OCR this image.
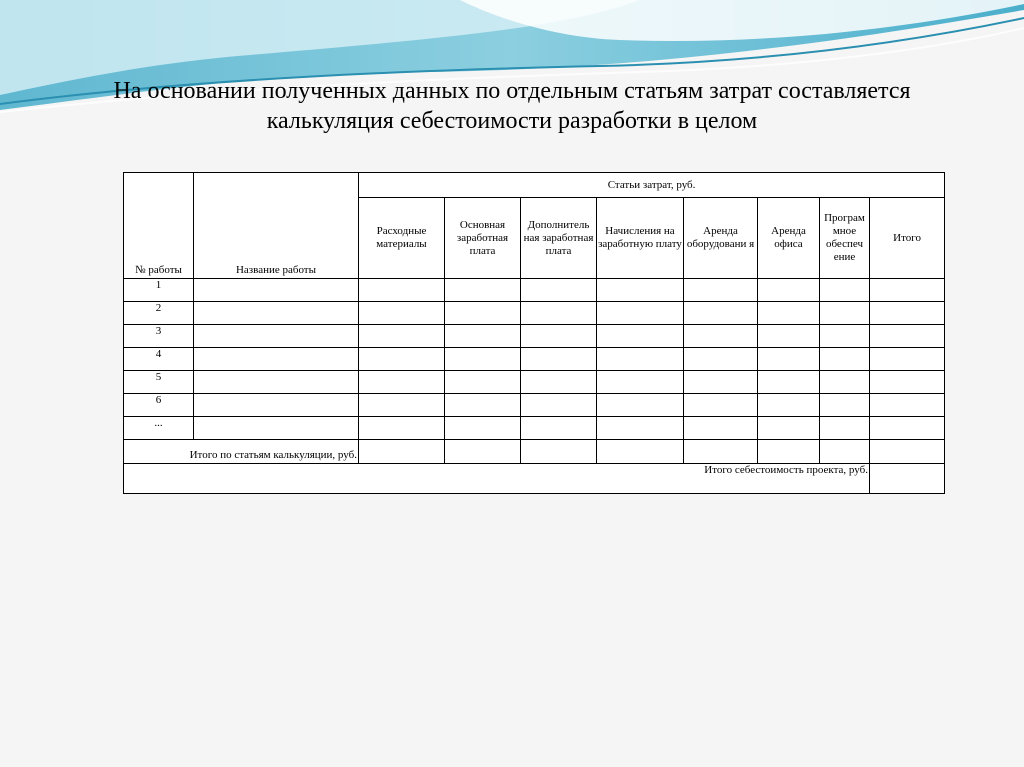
На основании полученных данных по отдельным статьям затрат составляется
калькуляция себестоимости разработки в целом
№ работы	Название работы	Статьи затрат, руб.							
		Расходные материалы	Основная заработная плата	Дополнитель ная заработная плата	Начисления на заработную плату	Аренда оборудовани я	Аренда офиса	Програм мное обеспеч ение	Итого
1									
2									
3									
4									
5									
6									
...									
Итого по статьям калькуляции, руб.									
Итого себестоимость проекта, руб.									
